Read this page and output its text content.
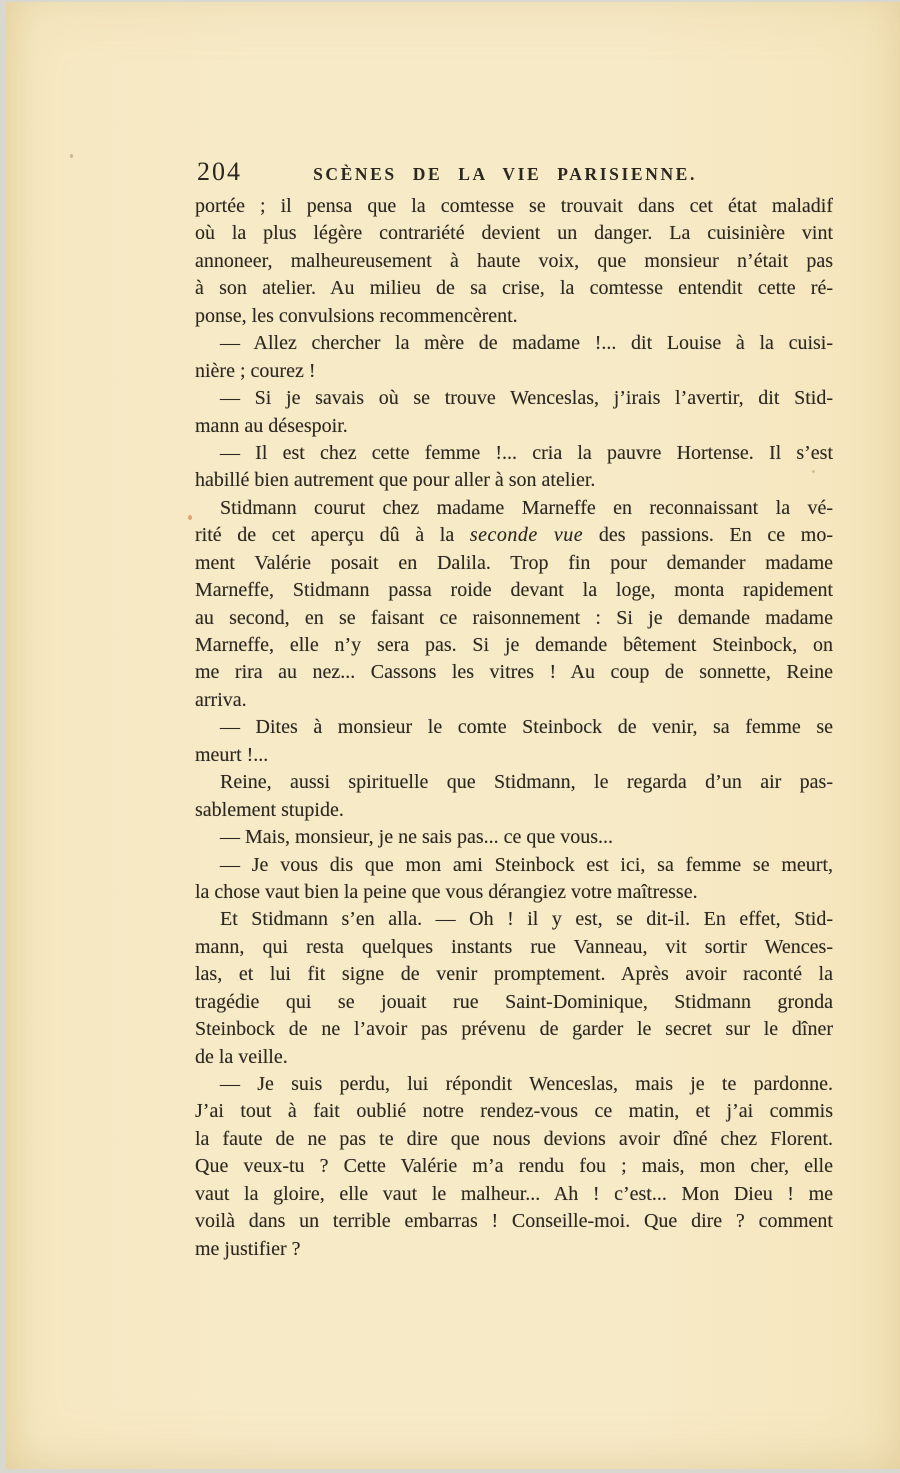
204	SCÈNES DE LA VIE PARISIENNE.
portée ; il pensa que la comtesse se trouvait dans cet état maladif
où la plus légère contrariété devient un danger. La cuisinière vint
annoneer, malheureusement à haute voix, que monsieur n’était pas
à son atelier. Au milieu de sa crise, la comtesse entendit cette ré-
ponse, les convulsions recommencèrent.
— Allez chercher la mère de madame !... dit Louise à la cuisi-
nière ; courez !
— Si je savais où se trouve Wenceslas, j’irais l’avertir, dit Stid-
mann au désespoir.
— Il est chez cette femme !... cria la pauvre Hortense. Il s’est
habillé bien autrement que pour aller à son atelier.
Stidmann courut chez madame Marneffe en reconnaissant la vé-
rité de cet aperçu dû à la seconde vue des passions. En ce mo-
ment Valérie posait en Dalila. Trop fin pour demander madame
Marneffe, Stidmann passa roide devant la loge, monta rapidement
au second, en se faisant ce raisonnement : Si je demande madame
Marneffe, elle n’y sera pas. Si je demande bêtement Steinbock, on
me rira au nez... Cassons les vitres ! Au coup de sonnette, Reine
arriva.
— Dites à monsieur le comte Steinbock de venir, sa femme se
meurt !...
Reine, aussi spirituelle que Stidmann, le regarda d’un air pas-
sablement stupide.
— Mais, monsieur, je ne sais pas... ce que vous...
— Je vous dis que mon ami Steinbock est ici, sa femme se meurt,
la chose vaut bien la peine que vous dérangiez votre maîtresse.
Et Stidmann s’en alla. — Oh ! il y est, se dit-il. En effet, Stid-
mann, qui resta quelques instants rue Vanneau, vit sortir Wences-
las, et lui fit signe de venir promptement. Après avoir raconté la
tragédie qui se jouait rue Saint-Dominique, Stidmann gronda
Steinbock de ne l’avoir pas prévenu de garder le secret sur le dîner
de la veille.
— Je suis perdu, lui répondit Wenceslas, mais je te pardonne.
J’ai tout à fait oublié notre rendez-vous ce matin, et j’ai commis
la faute de ne pas te dire que nous devions avoir dîné chez Florent.
Que veux-tu ? Cette Valérie m’a rendu fou ; mais, mon cher, elle
vaut la gloire, elle vaut le malheur... Ah ! c’est... Mon Dieu ! me
voilà dans un terrible embarras ! Conseille-moi. Que dire ? comment
me justifier ?
